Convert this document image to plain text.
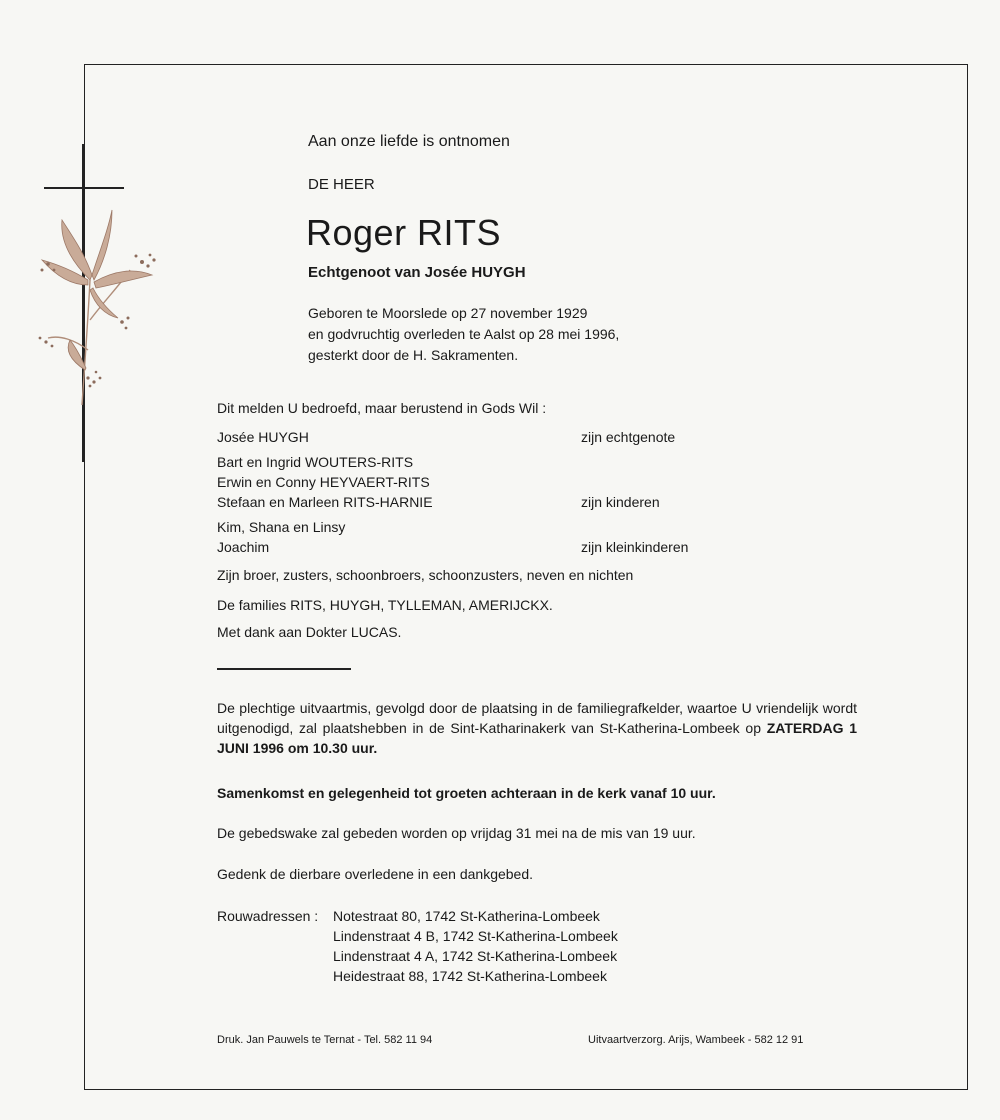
Aan onze liefde is ontnomen
DE HEER
Roger RITS
Echtgenoot van Josée HUYGH
Geboren te Moorslede op 27 november 1929
en godvruchtig overleden te Aalst op 28 mei 1996,
gesterkt door de H. Sakramenten.
Dit melden U bedroefd, maar berustend in Gods Wil :
Josée HUYGH	zijn echtgenote
Bart en Ingrid WOUTERS-RITS
Erwin en Conny HEYVAERT-RITS
Stefaan en Marleen RITS-HARNIE	zijn kinderen
Kim, Shana en Linsy
Joachim	zijn kleinkinderen
Zijn broer, zusters, schoonbroers, schoonzusters, neven en nichten
De families RITS, HUYGH, TYLLEMAN, AMERIJCKX.
Met dank aan Dokter LUCAS.
De plechtige uitvaartmis, gevolgd door de plaatsing in de familiegrafkelder, waartoe U vriendelijk wordt uitgenodigd, zal plaatshebben in de Sint-Katharinakerk van St-Katherina-Lombeek op ZATERDAG 1 JUNI 1996 om 10.30 uur.
Samenkomst en gelegenheid tot groeten achteraan in de kerk vanaf 10 uur.
De gebedswake zal gebeden worden op vrijdag 31 mei na de mis van 19 uur.
Gedenk de dierbare overledene in een dankgebed.
Rouwadressen : Notestraat 80, 1742 St-Katherina-Lombeek
Lindenstraat 4 B, 1742 St-Katherina-Lombeek
Lindenstraat 4 A, 1742 St-Katherina-Lombeek
Heidestraat 88, 1742 St-Katherina-Lombeek
Druk. Jan Pauwels te Ternat - Tel. 582 11 94	Uitvaartverzorg. Arijs, Wambeek - 582 12 91
